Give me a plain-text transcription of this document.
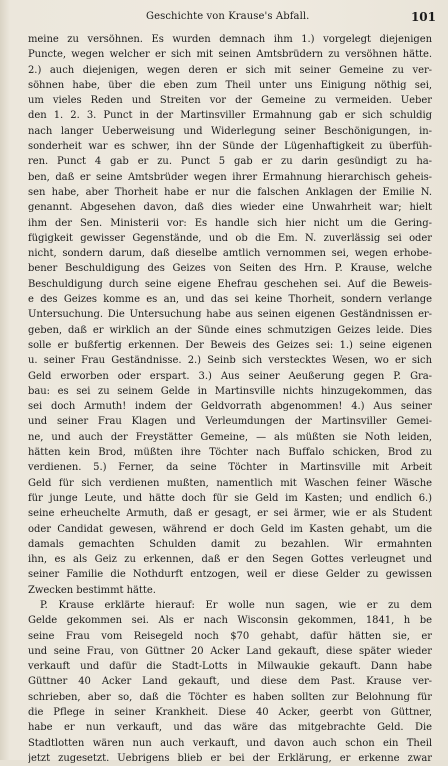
Geschichte von Krause's Abfall.	101
meine zu versöhnen. Es wurden demnach ihm 1.) vorgelegt diejenigen
Puncte, wegen welcher er sich mit seinen Amtsbrüdern zu versöhnen hätte.
2.) auch diejenigen, wegen deren er sich mit seiner Gemeine zu ver-
söhnen habe, über die eben zum Theil unter uns Einigung nöthig sei,
um vieles Reden und Streiten vor der Gemeine zu vermeiden. Ueber
den 1. 2. 3. Punct in der Martinsviller Ermahnung gab er sich schuldig
nach langer Ueberweisung und Widerlegung seiner Beschönigungen, in-
sonderheit war es schwer, ihn der Sünde der Lügenhaftigkeit zu überfüh-
ren. Punct 4 gab er zu. Punct 5 gab er zu darin gesündigt zu ha-
ben, daß er seine Amtsbrüder wegen ihrer Ermahnung hierarchisch geheis-
sen habe, aber Thorheit habe er nur die falschen Anklagen der Emilie N.
genannt. Abgesehen davon, daß dies wieder eine Unwahrheit war; hielt
ihm der Sen. Ministerii vor: Es handle sich hier nicht um die Gering-
fügigkeit gewisser Gegenstände, und ob die Em. N. zuverlässig sei oder
nicht, sondern darum, daß dieselbe amtlich vernommen sei, wegen erhobe-
bener Beschuldigung des Geizes von Seiten des Hrn. P. Krause, welche
Beschuldigung durch seine eigene Ehefrau geschehen sei. Auf die Beweis-
e des Geizes komme es an, und das sei keine Thorheit, sondern verlange
Untersuchung. Die Untersuchung habe aus seinen eigenen Geständnissen er-
geben, daß er wirklich an der Sünde eines schmutzigen Geizes leide. Dies
solle er bußfertig erkennen. Der Beweis des Geizes sei: 1.) seine eigenen
u. seiner Frau Geständnisse. 2.) Seinb sich verstecktes Wesen, wo er sich
Geld erworben oder erspart. 3.) Aus seiner Aeußerung gegen P. Gra-
bau: es sei zu seinem Gelde in Martinsville nichts hinzugekommen, das
sei doch Armuth! indem der Geldvorrath abgenommen! 4.) Aus seiner
und seiner Frau Klagen und Verleumdungen der Martinsviller Gemei-
ne, und auch der Freystätter Gemeine, — als müßten sie Noth leiden,
hätten kein Brod, müßten ihre Töchter nach Buffalo schicken, Brod zu
verdienen. 5.) Ferner, da seine Töchter in Martinsville mit Arbeit
Geld für sich verdienen mußten, namentlich mit Waschen feiner Wäsche
für junge Leute, und hätte doch für sie Geld im Kasten; und endlich 6.)
seine erheuchelte Armuth, daß er gesagt, er sei ärmer, wie er als Student
oder Candidat gewesen, während er doch Geld im Kasten gehabt, um die
damals gemachten Schulden damit zu bezahlen. Wir ermahnten
ihn, es als Geiz zu erkennen, daß er den Segen Gottes verleugnet und
seiner Familie die Nothdurft entzogen, weil er diese Gelder zu gewissen
Zwecken bestimmt hätte.
P. Krause erklärte hierauf: Er wolle nun sagen, wie er zu dem
Gelde gekommen sei. Als er nach Wisconsin gekommen, 1841, h be
seine Frau vom Reisegeld noch $70 gehabt, dafür hätten sie, er
und seine Frau, von Güttner 20 Acker Land gekauft, diese später wieder
verkauft und dafür die Stadt-Lotts in Milwaukie gekauft. Dann habe
Güttner 40 Acker Land gekauft, und diese dem Past. Krause ver-
schrieben, aber so, daß die Töchter es haben sollten zur Belohnung für
die Pflege in seiner Krankheit. Diese 40 Acker, geerbt von Güttner,
habe er nun verkauft, und das wäre das mitgebrachte Geld. Die
Stadtlotten wären nun auch verkauft, und davon auch schon ein Theil
jetzt zugesetzt. Uebrigens blieb er bei der Erklärung, er erkenne zwar
